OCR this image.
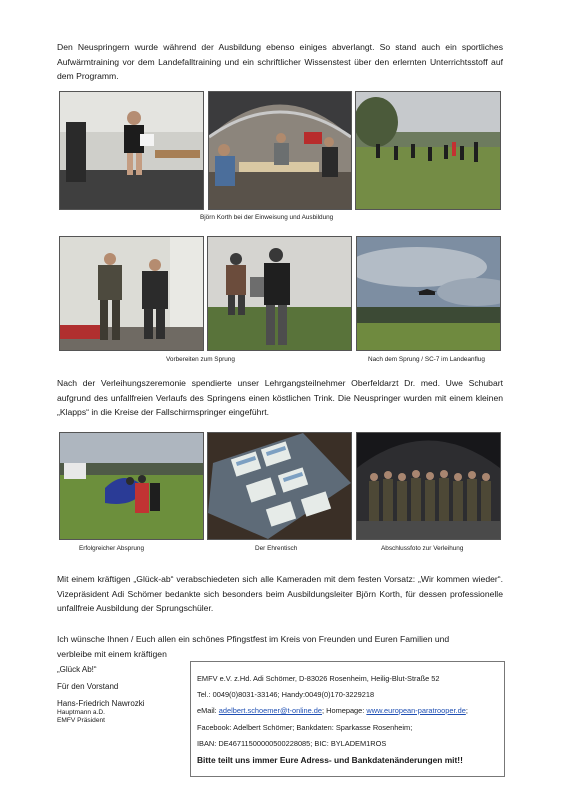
Den Neuspringern wurde während der Ausbildung ebenso einiges abverlangt. So stand auch ein sportliches Aufwärmtraining vor dem Landefalltraining und ein schriftlicher Wissenstest über den erlernten Unterrichtsstoff auf dem Programm.

Björn Korth bei der Einweisung und Ausbildung
Vorbereiten zum Sprung	Nach dem Sprung / SC-7 im Landeanflug

Nach der Verleihungszeremonie spendierte unser Lehrgangsteilnehmer Oberfeldarzt Dr. med. Uwe Schubart aufgrund des unfallfreien Verlaufs des Springens einen köstlichen Trink. Die Neuspringer wurden mit einem kleinen „Klapps“ in die Kreise der Fallschirmspringer eingeführt.

Erfolgreicher Absprung	Der Ehrentisch	Abschlussfoto zur Verleihung

Mit einem kräftigen „Glück-ab“ verabschiedeten sich alle Kameraden mit dem festen Vorsatz: „Wir kommen wieder“. Vizepräsident Adi Schömer bedankte sich besonders beim Ausbildungsleiter Björn Korth, für dessen professionelle unfallfreie Ausbildung der Sprungschüler.

Ich wünsche Ihnen / Euch allen ein schönes Pfingstfest im Kreis von Freunden und Euren Familien und

verbleibe mit einem kräftigen

„Glück Ab!“
Für den Vorstand
Hans-Friedrich Nawrozki
Hauptmann a.D.
EMFV Präsident
EMFV e.V. z.Hd. Adi Schömer, D-83026 Rosenheim, Heilig-Blut-Straße 52
Tel.: 0049(0)8031-33146; Handy:0049(0)170-3229218
eMail: adelbert.schoemer@t-online.de; Homepage: www.european-paratrooper.de;
Facebook: Adelbert Schömer; Bankdaten: Sparkasse Rosenheim;
IBAN: DE46711500000500228085; BIC: BYLADEM1ROS
Bitte teilt uns immer Eure Adress- und Bankdatenänderungen mit!!
